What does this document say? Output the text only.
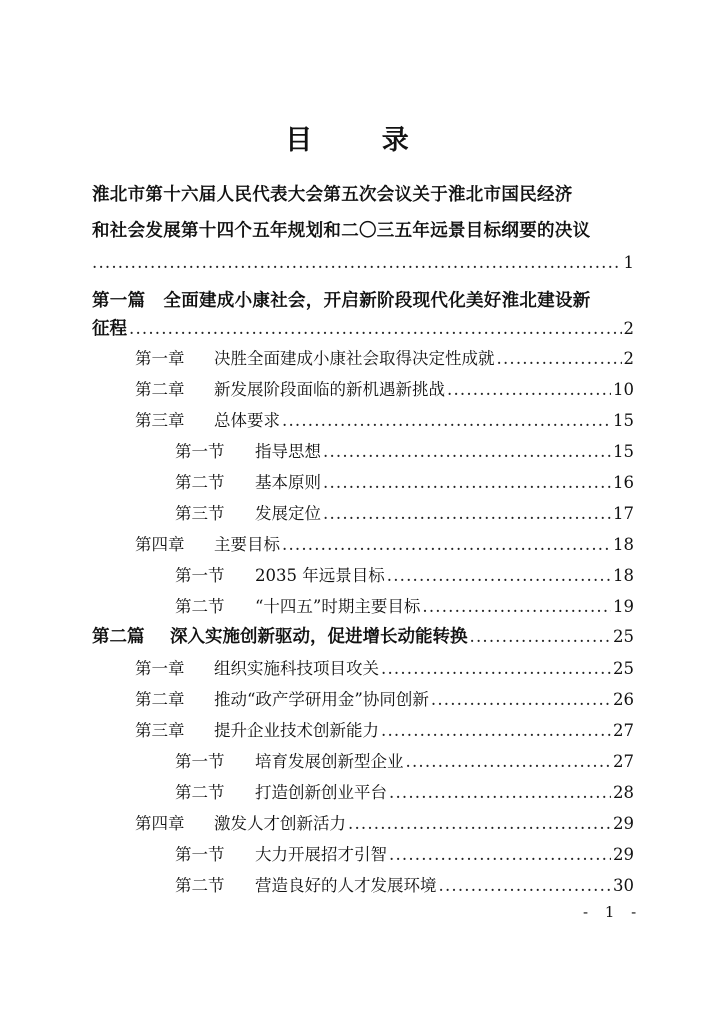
目 录
淮北市第十六届人民代表大会第五次会议关于淮北市国民经济
和社会发展第十四个五年规划和二〇三五年远景目标纲要的决议
.....
1
第一篇 全面建成小康社会，开启新阶段现代化美好淮北建设新
征程 .....	2
第一章	决胜全面建成小康社会取得决定性成就 .....	2
第二章	新发展阶段面临的新机遇新挑战 .....	10
第三章	总体要求 .....	15
第一节	指导思想 .....	15
第二节	基本原则 .....	16
第三节	发展定位 .....	17
第四章	主要目标 .....	18
第一节	2035 年远景目标 .....	18
第二节	“十四五”时期主要目标 .....	19
第二篇	深入实施创新驱动，促进增长动能转换 .....	25
第一章	组织实施科技项目攻关 .....	25
第二章	推动“政产学研用金”协同创新 .....	26
第三章	提升企业技术创新能力 .....	27
第一节	培育发展创新型企业 .....	27
第二节	打造创新创业平台 .....	28
第四章	激发人才创新活力 .....	29
第一节	大力开展招才引智 .....	29
第二节	营造良好的人才发展环境 .....	30
- 1 -
